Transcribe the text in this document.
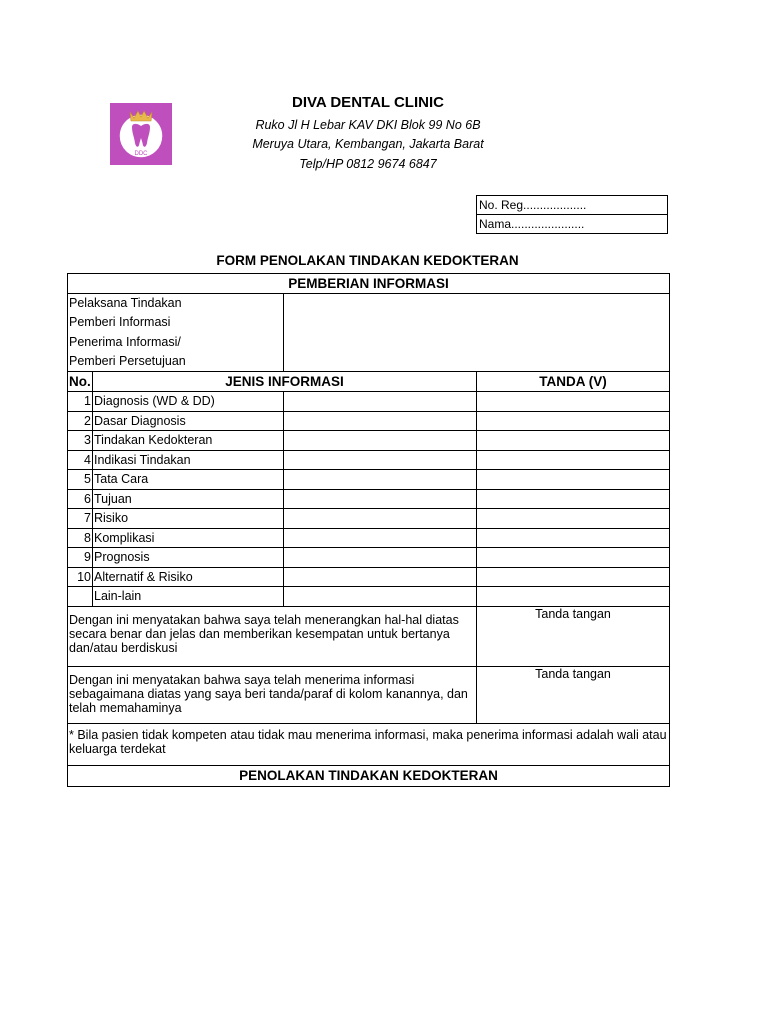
DDC
DIVA DENTAL CLINIC
Ruko Jl H Lebar KAV DKI Blok 99 No 6B
Meruya Utara, Kembangan, Jakarta Barat
Telp/HP 0812 9674 6847
No. Reg...................
Nama......................
FORM PENOLAKAN TINDAKAN KEDOKTERAN
PEMBERIAN INFORMASI			

Pelaksana Tindakan
Pemberi Informasi
Penerima Informasi/
Pemberi Persetujuan			

No.	JENIS INFORMASI		TANDA (V)
1	Diagnosis (WD & DD)		
2	Dasar Diagnosis		
3	Tindakan Kedokteran		
4	Indikasi Tindakan		
5	Tata Cara		
6	Tujuan		
7	Risiko		
8	Komplikasi		
9	Prognosis		
10	Alternatif & Risiko		
	Lain-lain		
Dengan ini menyatakan bahwa saya telah menerangkan hal-hal diatas secara benar dan jelas dan memberikan kesempatan untuk bertanya dan/atau berdiskusi			Tanda tangan
Dengan ini menyatakan bahwa saya telah menerima informasi sebagaimana diatas yang saya beri tanda/paraf di kolom kanannya, dan telah memahaminya			Tanda tangan
* Bila pasien tidak kompeten atau tidak mau menerima informasi, maka penerima informasi adalah wali atau keluarga terdekat			
PENOLAKAN TINDAKAN KEDOKTERAN			
